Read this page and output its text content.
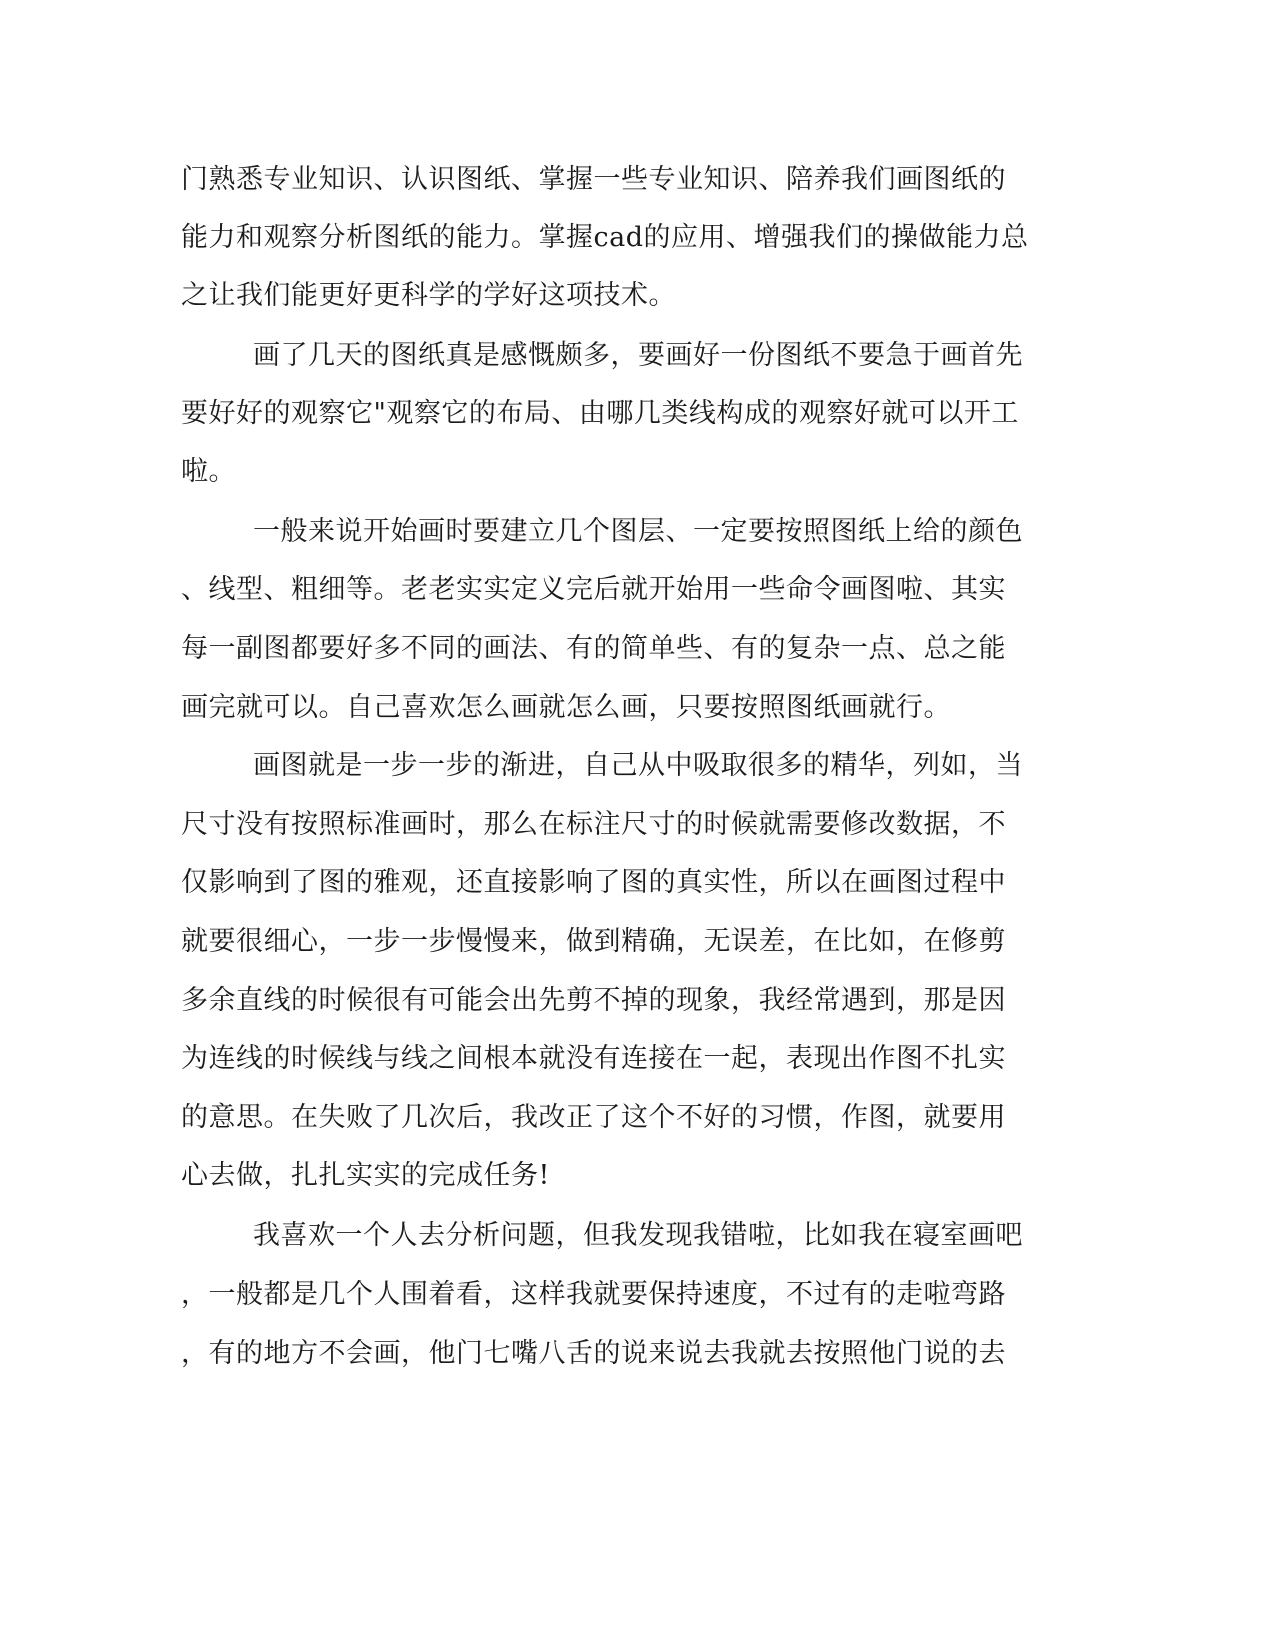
门熟悉专业知识、认识图纸、掌握一些专业知识、陪养我们画图纸的

能力和观察分析图纸的能力。掌握cad的应用、增强我们的操做能力总

之让我们能更好更科学的学好这项技术。

画了几天的图纸真是感慨颇多，要画好一份图纸不要急于画首先

要好好的观察它"观察它的布局、由哪几类线构成的观察好就可以开工

啦。

一般来说开始画时要建立几个图层、一定要按照图纸上给的颜色

、线型、粗细等。老老实实定义完后就开始用一些命令画图啦、其实

每一副图都要好多不同的画法、有的简单些、有的复杂一点、总之能

画完就可以。自己喜欢怎么画就怎么画，只要按照图纸画就行。

画图就是一步一步的渐进，自己从中吸取很多的精华，列如，当

尺寸没有按照标准画时，那么在标注尺寸的时候就需要修改数据，不

仅影响到了图的雅观，还直接影响了图的真实性，所以在画图过程中

就要很细心，一步一步慢慢来，做到精确，无误差，在比如，在修剪

多余直线的时候很有可能会出先剪不掉的现象，我经常遇到，那是因

为连线的时候线与线之间根本就没有连接在一起，表现出作图不扎实

的意思。在失败了几次后，我改正了这个不好的习惯，作图，就要用

心去做，扎扎实实的完成任务!

我喜欢一个人去分析问题，但我发现我错啦，比如我在寝室画吧

，一般都是几个人围着看，这样我就要保持速度，不过有的走啦弯路

，有的地方不会画，他门七嘴八舌的说来说去我就去按照他门说的去
